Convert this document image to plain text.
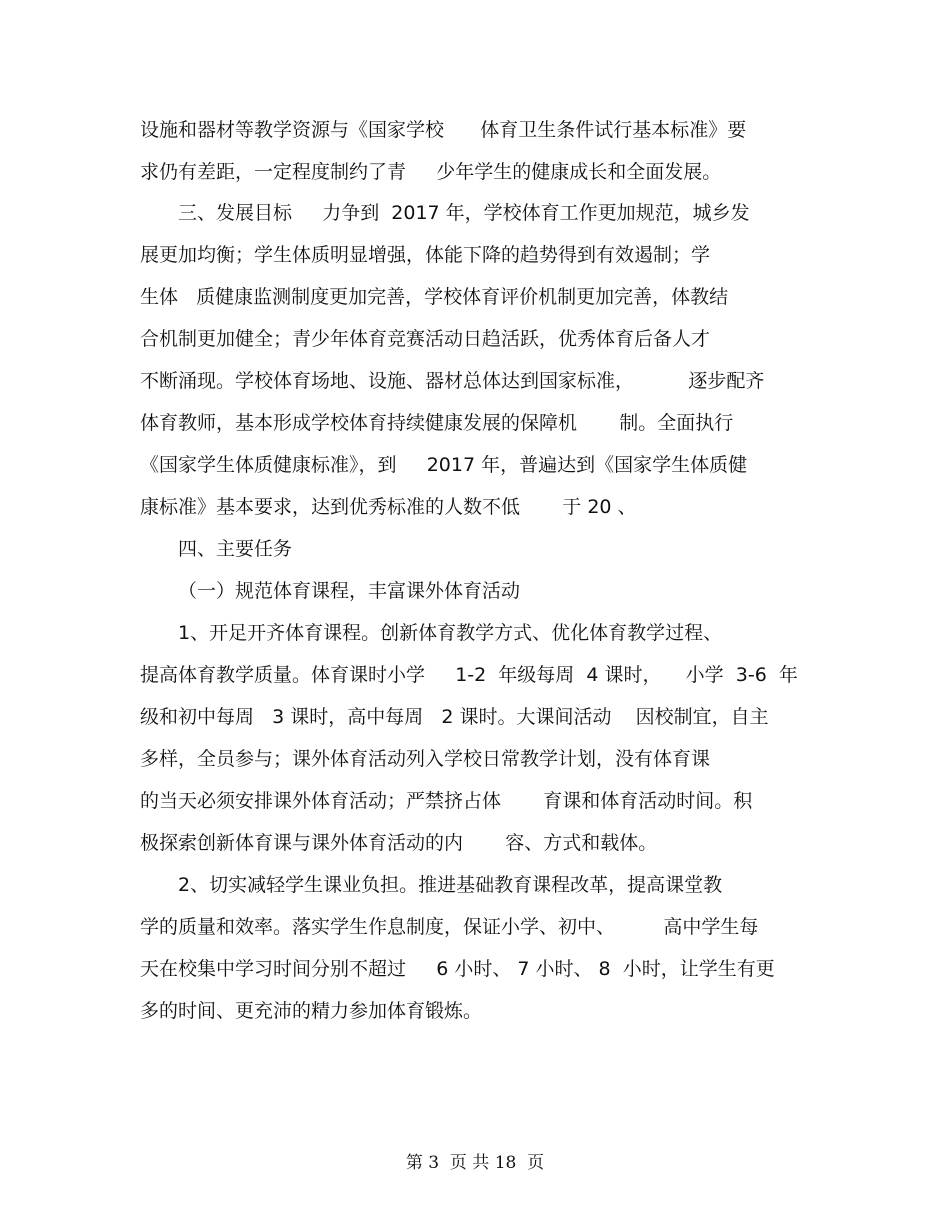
设施和器材等教学资源与《国家学校      体育卫生条件试行基本标准》要
求仍有差距，一定程度制约了青     少年学生的健康成长和全面发展。
三、发展目标     力争到  2017 年，学校体育工作更加规范，城乡发
展更加均衡；学生体质明显增强，体能下降的趋势得到有效遏制；学
生体   质健康监测制度更加完善，学校体育评价机制更加完善，体教结
合机制更加健全；青少年体育竞赛活动日趋活跃，优秀体育后备人才
不断涌现。学校体育场地、设施、器材总体达到国家标准，         逐步配齐
体育教师，基本形成学校体育持续健康发展的保障机       制。全面执行
《国家学生体质健康标准》，到     2017 年，普遍达到《国家学生体质健
康标准》基本要求，达到优秀标准的人数不低       于 20 、
四、主要任务
（一）规范体育课程，丰富课外体育活动
1、开足开齐体育课程。创新体育教学方式、优化体育教学过程、
提高体育教学质量。体育课时小学     1-2  年级每周  4 课时，    小学  3-6  年
级和初中每周   3 课时，高中每周   2 课时。大课间活动    因校制宜，自主
多样，全员参与；课外体育活动列入学校日常教学计划，没有体育课
的当天必须安排课外体育活动；严禁挤占体       育课和体育活动时间。积
极探索创新体育课与课外体育活动的内       容、方式和载体。
2、切实减轻学生课业负担。推进基础教育课程改革，提高课堂教
学的质量和效率。落实学生作息制度，保证小学、初中、        高中学生每
天在校集中学习时间分别不超过     6 小时、 7 小时、 8  小时，让学生有更
多的时间、更充沛的精力参加体育锻炼。
第 3  页 共 18  页
